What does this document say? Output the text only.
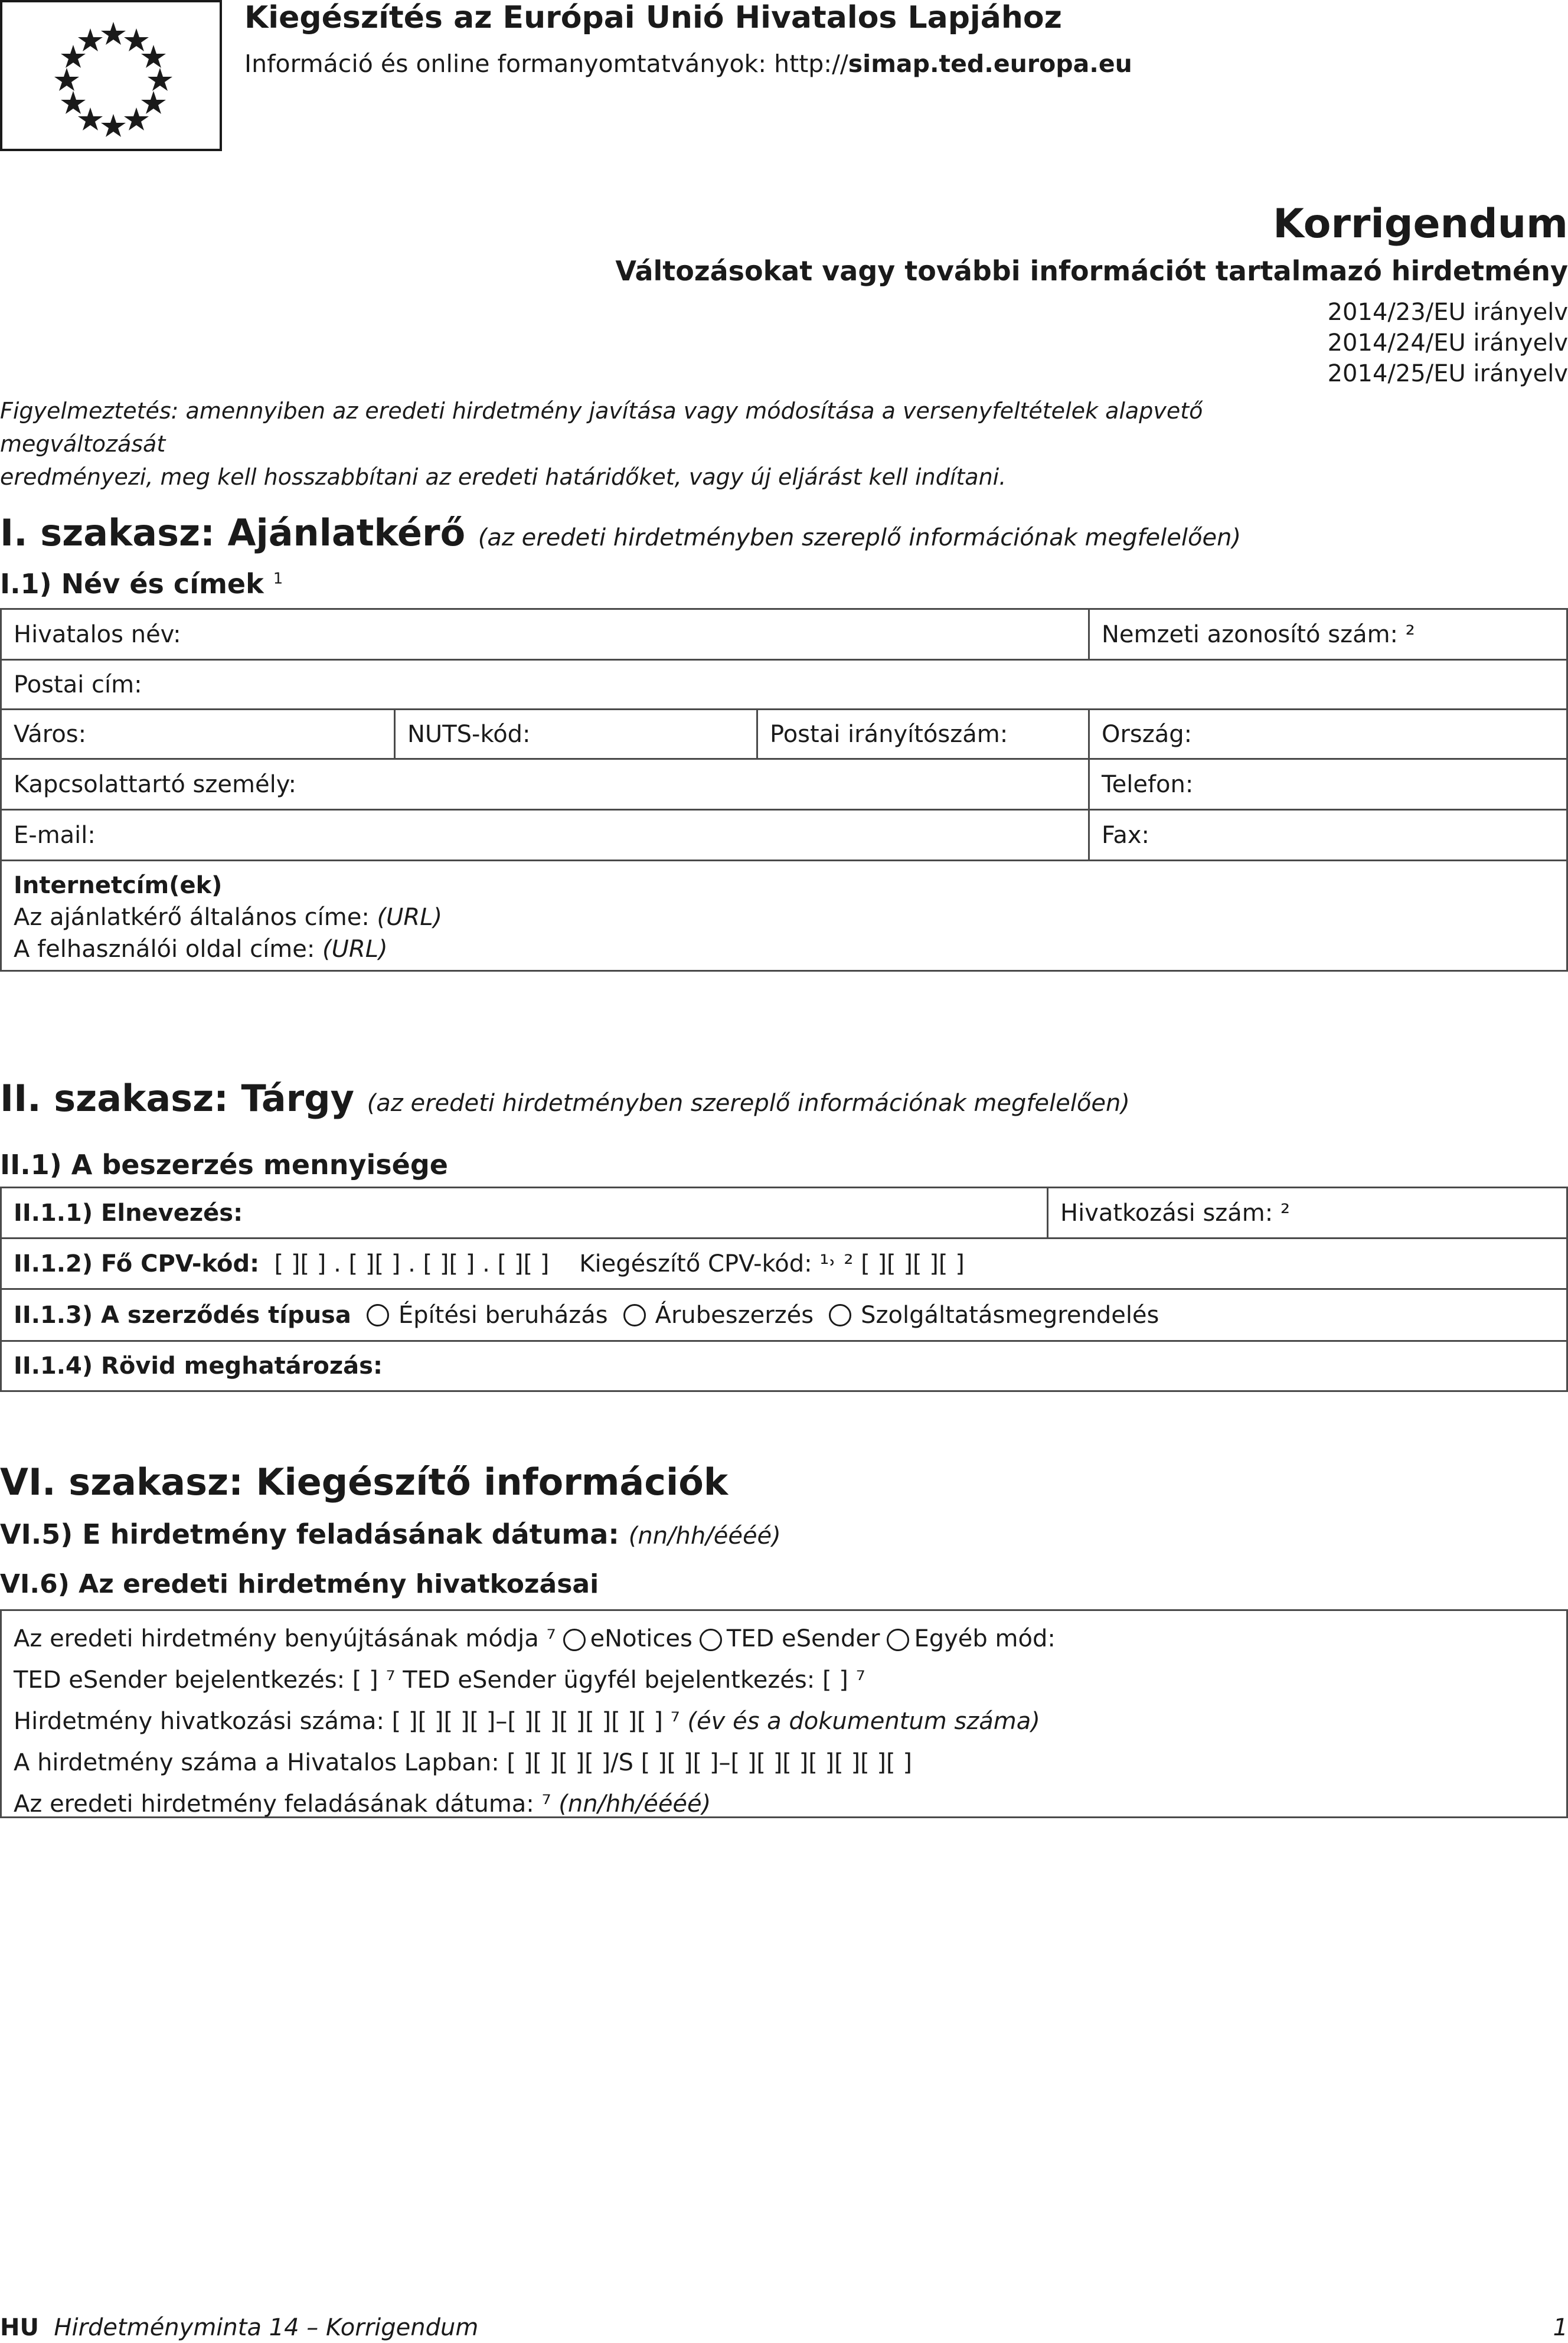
Kiegészítés az Európai Unió Hivatalos Lapjához
Információ és online formanyomtatványok: http://simap.ted.europa.eu
Korrigendum
Változásokat vagy további információt tartalmazó hirdetmény
2014/23/EU irányelv
2014/24/EU irányelv
2014/25/EU irányelv
Figyelmeztetés: amennyiben az eredeti hirdetmény javítása vagy módosítása a versenyfeltételek alapvető megváltozását
eredményezi, meg kell hosszabbítani az eredeti határidőket, vagy új eljárást kell indítani.
I. szakasz: Ajánlatkérő (az eredeti hirdetményben szereplő információnak megfelelően)
I.1) Név és címek $^1$
Hivatalos név:	Nemzeti azonosító szám: ²
Postai cím:
Város:	NUTS-kód:	Postai irányítószám:	Ország:
Kapcsolattartó személy:	Telefon:
E-mail:	Fax:
Internetcím(ek)
Az ajánlatkérő általános címe: (URL)
A felhasználói oldal címe: (URL)
II. szakasz: Tárgy (az eredeti hirdetményben szereplő információnak megfelelően)
II.1) A beszerzés mennyisége
II.1.1) Elnevezés:	Hivatkozási szám: ²
II.1.2) Fő CPV-kód:
[ ][ ] . [ ][ ] . [ ][ ] . [ ][ ]
Kiegészítő CPV-kód: ¹˒ ²
[ ][ ][ ][ ]
II.1.3) A szerződés típusa Építési beruházás Árubeszerzés Szolgáltatásmegrendelés
II.1.4) Rövid meghatározás:
VI. szakasz: Kiegészítő információk
VI.5) E hirdetmény feladásának dátuma: (nn/hh/éééé)
VI.6) Az eredeti hirdetmény hivatkozásai
Az eredeti hirdetmény benyújtásának módja ⁷ eNotices TED eSender Egyéb mód:
TED eSender bejelentkezés: [ ] ⁷ TED eSender ügyfél bejelentkezés: [ ] ⁷
Hirdetmény hivatkozási száma: [ ][ ][ ][ ]–[ ][ ][ ][ ][ ][ ] ⁷ (év és a dokumentum száma)
A hirdetmény száma a Hivatalos Lapban: [ ][ ][ ][ ]/S [ ][ ][ ]–[ ][ ][ ][ ][ ][ ][ ]
Az eredeti hirdetmény feladásának dátuma: ⁷ (nn/hh/éééé)
HU Hirdetményminta 14 – Korrigendum	1
